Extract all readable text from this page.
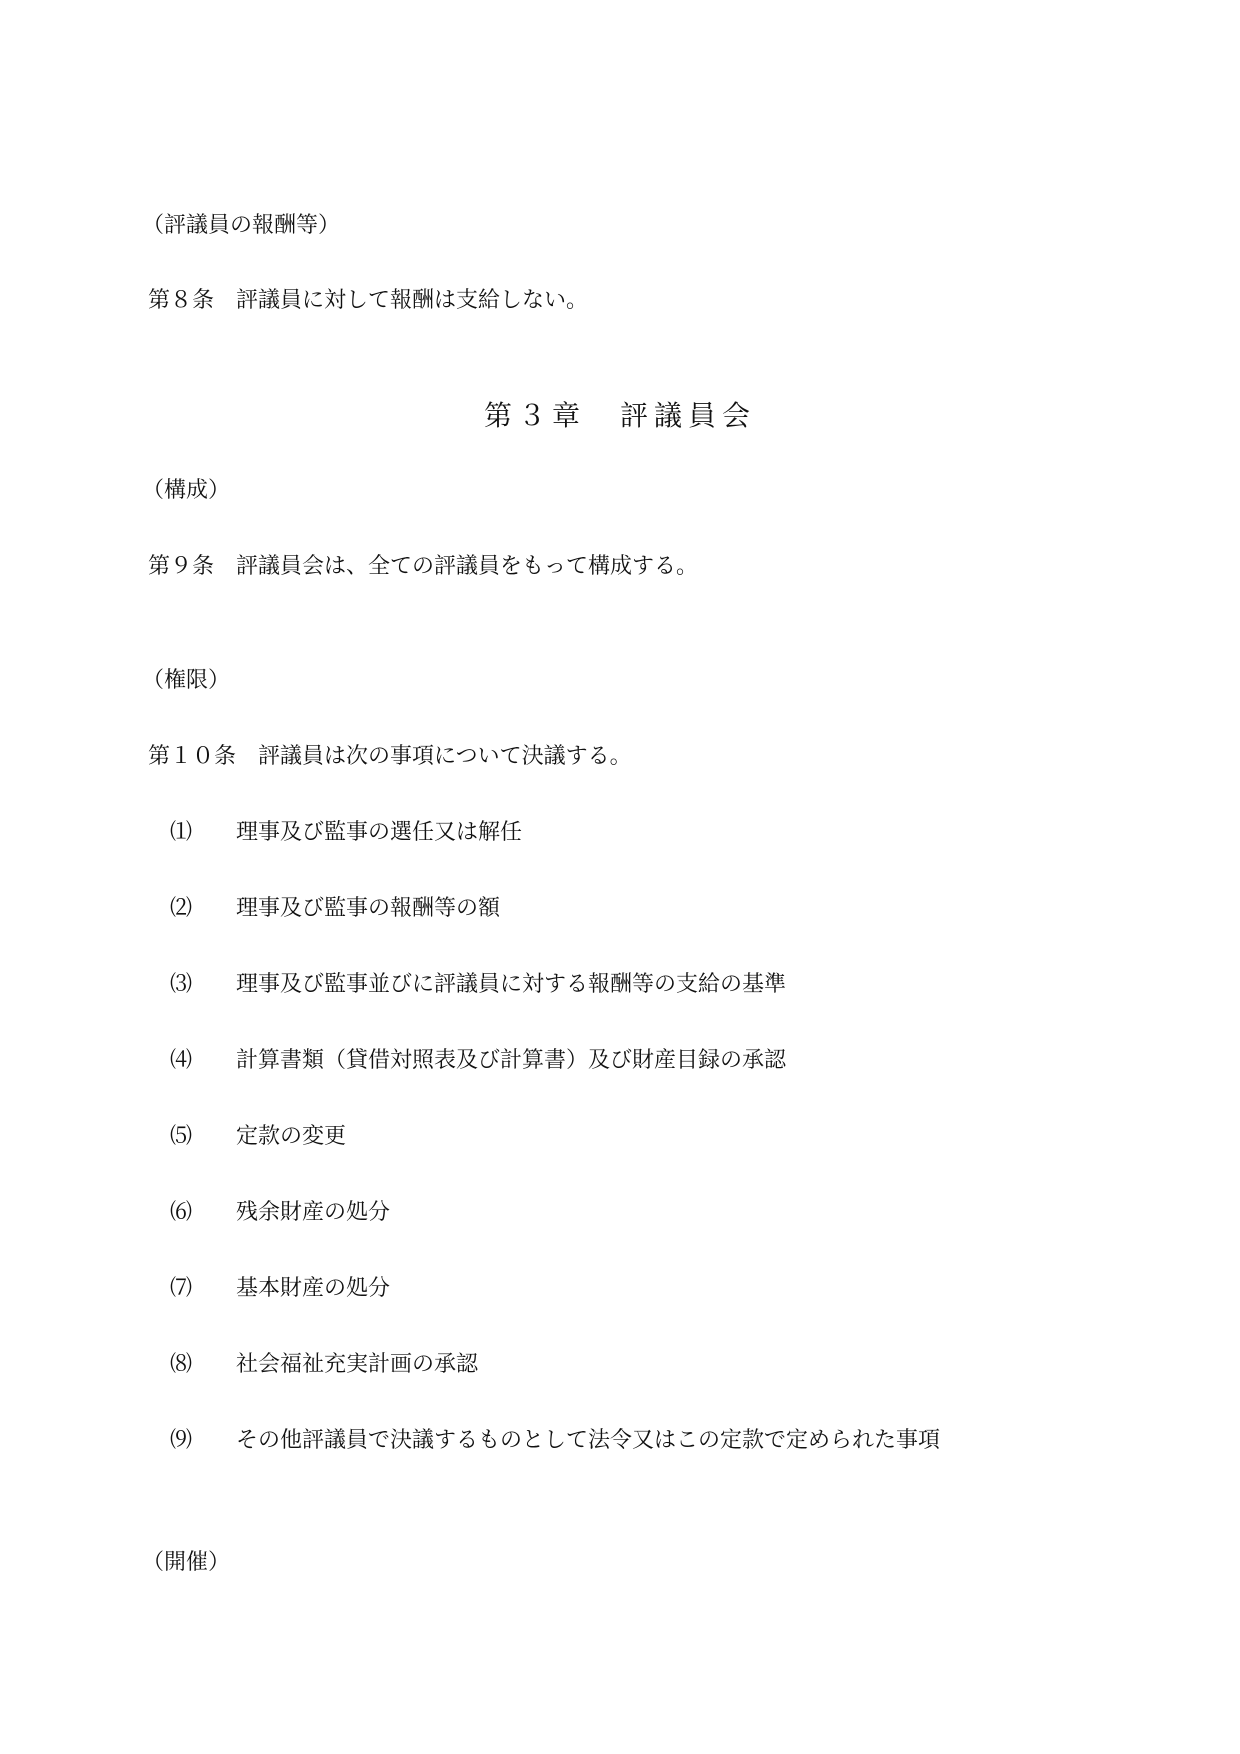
（評議員の報酬等）
第８条 評議員に対して報酬は支給しない。
第３章 評議員会
（構成）
第９条 評議員会は、全ての評議員をもって構成する。
（権限）
第１０条 評議員は次の事項について決議する。
⑴ 理事及び監事の選任又は解任
⑵ 理事及び監事の報酬等の額
⑶ 理事及び監事並びに評議員に対する報酬等の支給の基準
⑷ 計算書類（貸借対照表及び計算書）及び財産目録の承認
⑸ 定款の変更
⑹ 残余財産の処分
⑺ 基本財産の処分
⑻ 社会福祉充実計画の承認
⑼ その他評議員で決議するものとして法令又はこの定款で定められた事項
（開催）
